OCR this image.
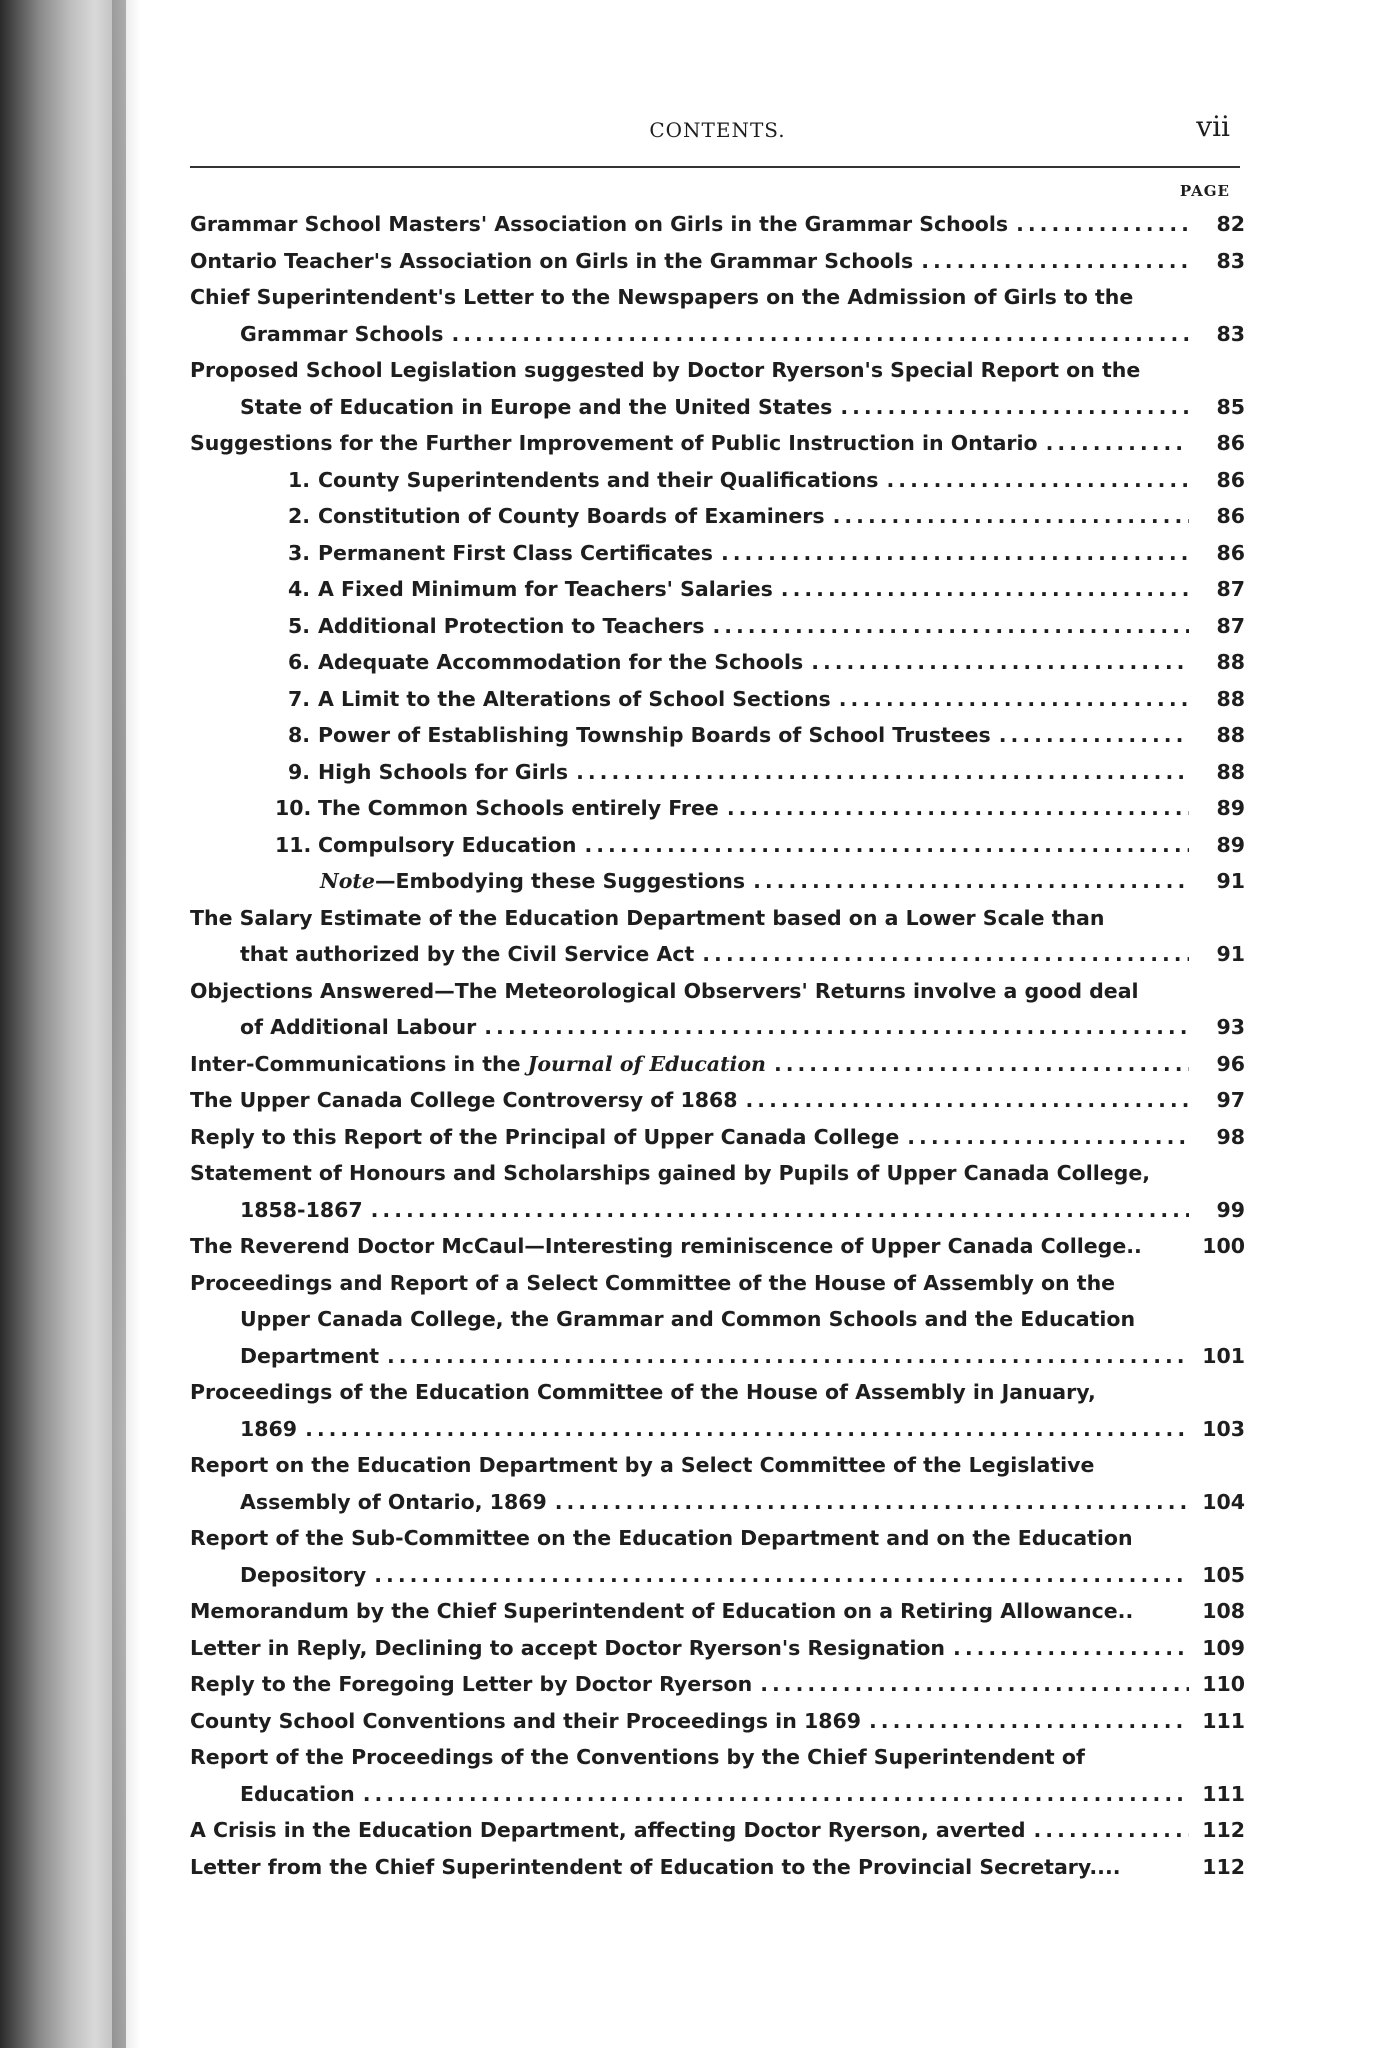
CONTENTS.	vii
PAGE
Grammar School Masters' Association on Girls in the Grammar Schools .....	82
Ontario Teacher's Association on Girls in the Grammar Schools .....	83
Chief Superintendent's Letter to the Newspapers on the Admission of Girls to the
Grammar Schools .....	83
Proposed School Legislation suggested by Doctor Ryerson's Special Report on the
State of Education in Europe and the United States .....	85
Suggestions for the Further Improvement of Public Instruction in Ontario .....	86
1. County Superintendents and their Qualifications .....	86
2. Constitution of County Boards of Examiners .....	86
3. Permanent First Class Certificates .....	86
4. A Fixed Minimum for Teachers' Salaries .....	87
5. Additional Protection to Teachers .....	87
6. Adequate Accommodation for the Schools .....	88
7. A Limit to the Alterations of School Sections .....	88
8. Power of Establishing Township Boards of School Trustees .....	88
9. High Schools for Girls .....	88
10. The Common Schools entirely Free .....	89
11. Compulsory Education .....	89
Note—Embodying these Suggestions .....	91
The Salary Estimate of the Education Department based on a Lower Scale than
that authorized by the Civil Service Act .....	91
Objections Answered—The Meteorological Observers' Returns involve a good deal
of Additional Labour .....	93
Inter-Communications in the Journal of Education .....	96
The Upper Canada College Controversy of 1868 .....	97
Reply to this Report of the Principal of Upper Canada College .....	98
Statement of Honours and Scholarships gained by Pupils of Upper Canada College,
1858-1867 .....	99
The Reverend Doctor McCaul—Interesting reminiscence of Upper Canada College..	100
Proceedings and Report of a Select Committee of the House of Assembly on the
Upper Canada College, the Grammar and Common Schools and the Education
Department .....	101
Proceedings of the Education Committee of the House of Assembly in January,
1869 .....	103
Report on the Education Department by a Select Committee of the Legislative
Assembly of Ontario, 1869 .....	104
Report of the Sub-Committee on the Education Department and on the Education
Depository .....	105
Memorandum by the Chief Superintendent of Education on a Retiring Allowance..	108
Letter in Reply, Declining to accept Doctor Ryerson's Resignation .....	109
Reply to the Foregoing Letter by Doctor Ryerson .....	110
County School Conventions and their Proceedings in 1869 .....	111
Report of the Proceedings of the Conventions by the Chief Superintendent of
Education .....	111
A Crisis in the Education Department, affecting Doctor Ryerson, averted .....	112
Letter from the Chief Superintendent of Education to the Provincial Secretary....	112
